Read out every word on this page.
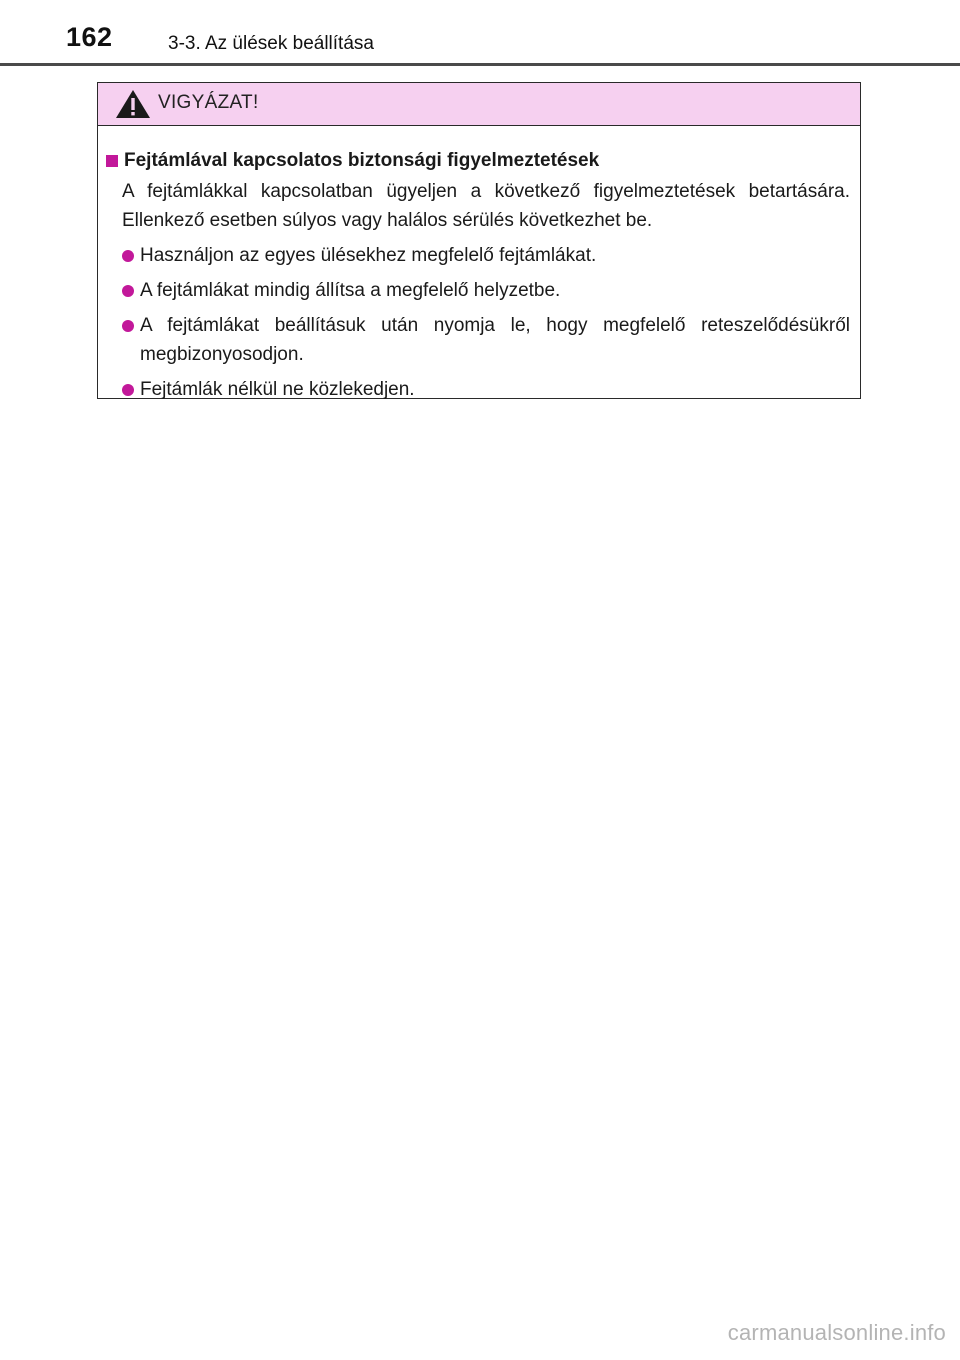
162	3-3. Az ülések beállítása
VIGYÁZAT!
Fejtámlával kapcsolatos biztonsági figyelmeztetések
A fejtámlákkal kapcsolatban ügyeljen a következő figyelmeztetések betartására. Ellenkező esetben súlyos vagy halálos sérülés következhet be.
Használjon az egyes ülésekhez megfelelő fejtámlákat.
A fejtámlákat mindig állítsa a megfelelő helyzetbe.
A fejtámlákat beállításuk után nyomja le, hogy megfelelő reteszelődésükről megbizonyosodjon.
Fejtámlák nélkül ne közlekedjen.
carmanualsonline.info
